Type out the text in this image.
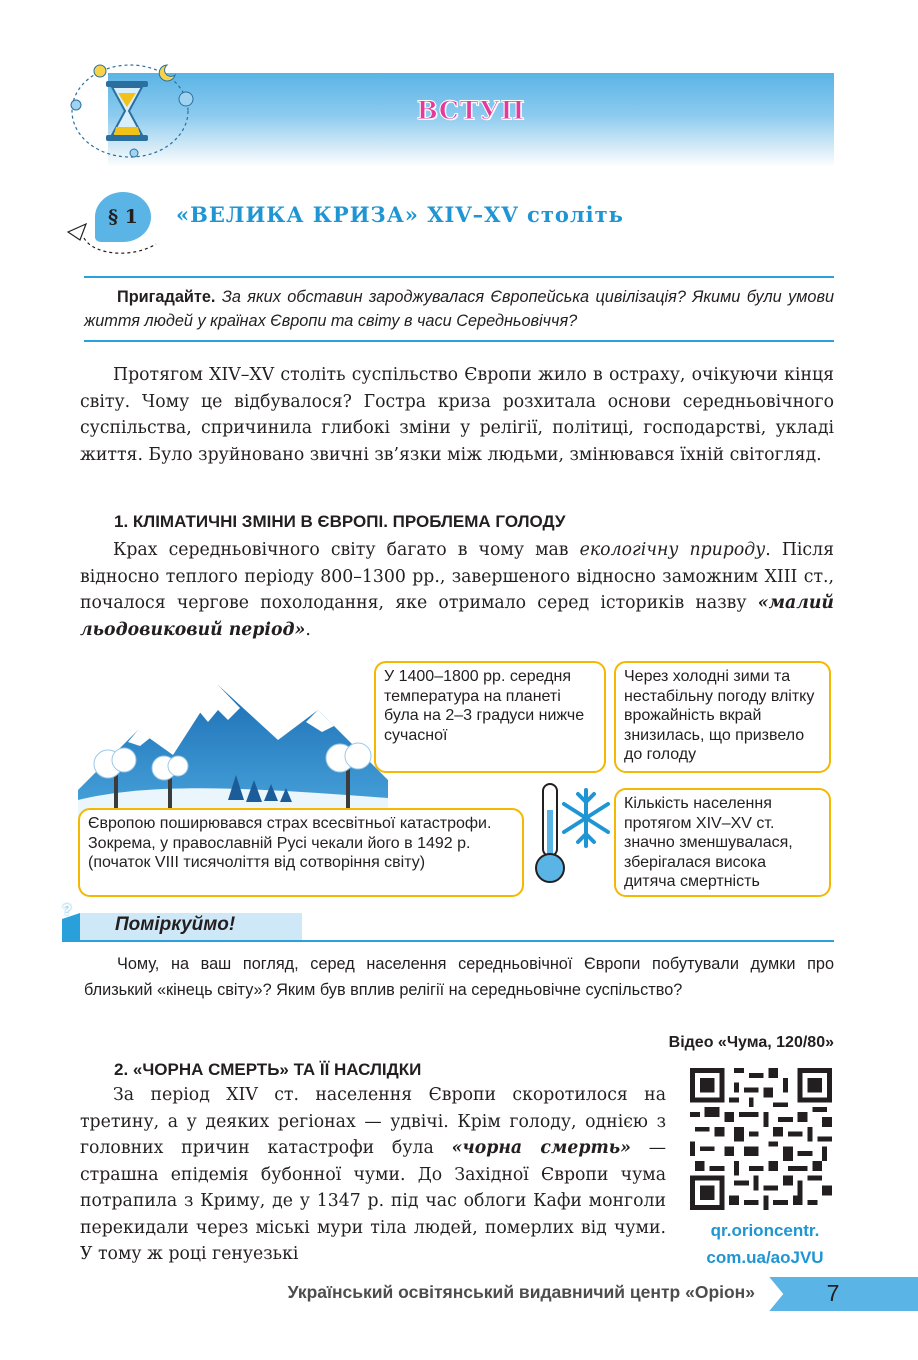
ВСТУП
§ 1	«ВЕЛИКА КРИЗА» XIV–XV століть
Пригадайте. За яких обставин зароджувалася Європейська цивілізація? Якими були умови життя людей у країнах Європи та світу в часи Середньовіччя?
Протягом XIV–XV століть суспільство Європи жило в остраху, очікуючи кінця світу. Чому це відбувалося? Гостра криза розхитала основи середньовічного суспільства, спричинила глибокі зміни у релігії, політиці, господарстві, укладі життя. Було зруйновано звичні зв’язки між людьми, змінювався їхній світогляд.
1. КЛІМАТИЧНІ ЗМІНИ В ЄВРОПІ. ПРОБЛЕМА ГОЛОДУ
Крах середньовічного світу багато в чому мав екологічну природу. Після відносно теплого періоду 800–1300 рр., завершеного відносно заможним XIII ст., почалося чергове похолодання, яке отримало серед істориків назву «малий льодовиковий період».
У 1400–1800 рр. середня температура на планеті була на 2–3 градуси нижче сучасної
Через холодні зими та нестабільну погоду влітку врожайність вкрай знизилась, що призвело до голоду
Європою поширювався страх всесвітньої катастрофи. Зокрема, у православній Русі чекали його в 1492 р. (початок VIII тисячоліття від сотворіння світу)
Кількість населення протягом XIV–XV ст. значно зменшувалася, зберігалася висока дитяча смертність
?
Поміркуймо!
Чому, на ваш погляд, серед населення середньовічної Європи побутували думки про близький «кінець світу»? Яким був вплив релігії на середньовічне суспільство?
Відео «Чума, 120/80»
2. «ЧОРНА СМЕРТЬ» ТА ЇЇ НАСЛІДКИ
За період XIV ст. населення Європи скоротилося на третину, а у деяких регіонах — удвічі. Крім голоду, однією з головних причин катастрофи була «чорна смерть» — страшна епідемія бубонної чуми. До Західної Європи чума потрапила з Криму, де у 1347 р. під час облоги Кафи монголи перекидали через міські мури тіла людей, померлих від чуми. У тому ж році генуезькі
qr.orioncentr.
com.ua/aoJVU
Український освітянський видавничий центр «Оріон»	7
